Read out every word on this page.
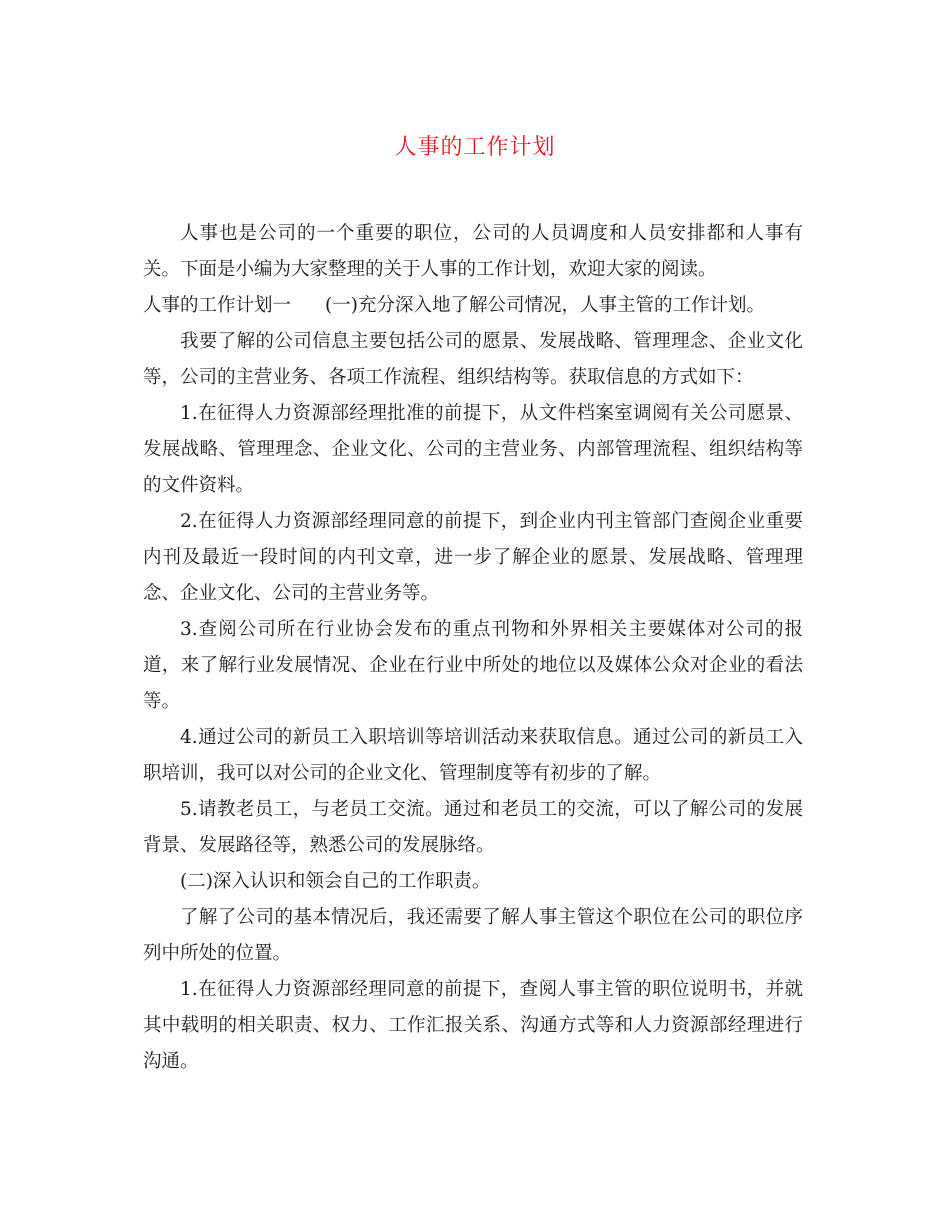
人事的工作计划

人事也是公司的一个重要的职位，公司的人员调度和人员安排都和人事有关。下面是小编为大家整理的关于人事的工作计划，欢迎大家的阅读。

人事的工作计划一 (一)充分深入地了解公司情况，人事主管的工作计划。

我要了解的公司信息主要包括公司的愿景、发展战略、管理理念、企业文化等，公司的主营业务、各项工作流程、组织结构等。获取信息的方式如下：

1.在征得人力资源部经理批准的前提下，从文件档案室调阅有关公司愿景、发展战略、管理理念、企业文化、公司的主营业务、内部管理流程、组织结构等的文件资料。

2.在征得人力资源部经理同意的前提下，到企业内刊主管部门查阅企业重要内刊及最近一段时间的内刊文章，进一步了解企业的愿景、发展战略、管理理念、企业文化、公司的主营业务等。

3.查阅公司所在行业协会发布的重点刊物和外界相关主要媒体对公司的报道，来了解行业发展情况、企业在行业中所处的地位以及媒体公众对企业的看法等。

4.通过公司的新员工入职培训等培训活动来获取信息。通过公司的新员工入职培训，我可以对公司的企业文化、管理制度等有初步的了解。

5.请教老员工，与老员工交流。通过和老员工的交流，可以了解公司的发展背景、发展路径等，熟悉公司的发展脉络。

(二)深入认识和领会自己的工作职责。

了解了公司的基本情况后，我还需要了解人事主管这个职位在公司的职位序列中所处的位置。

1.在征得人力资源部经理同意的前提下，查阅人事主管的职位说明书，并就其中载明的相关职责、权力、工作汇报关系、沟通方式等和人力资源部经理进行沟通。
